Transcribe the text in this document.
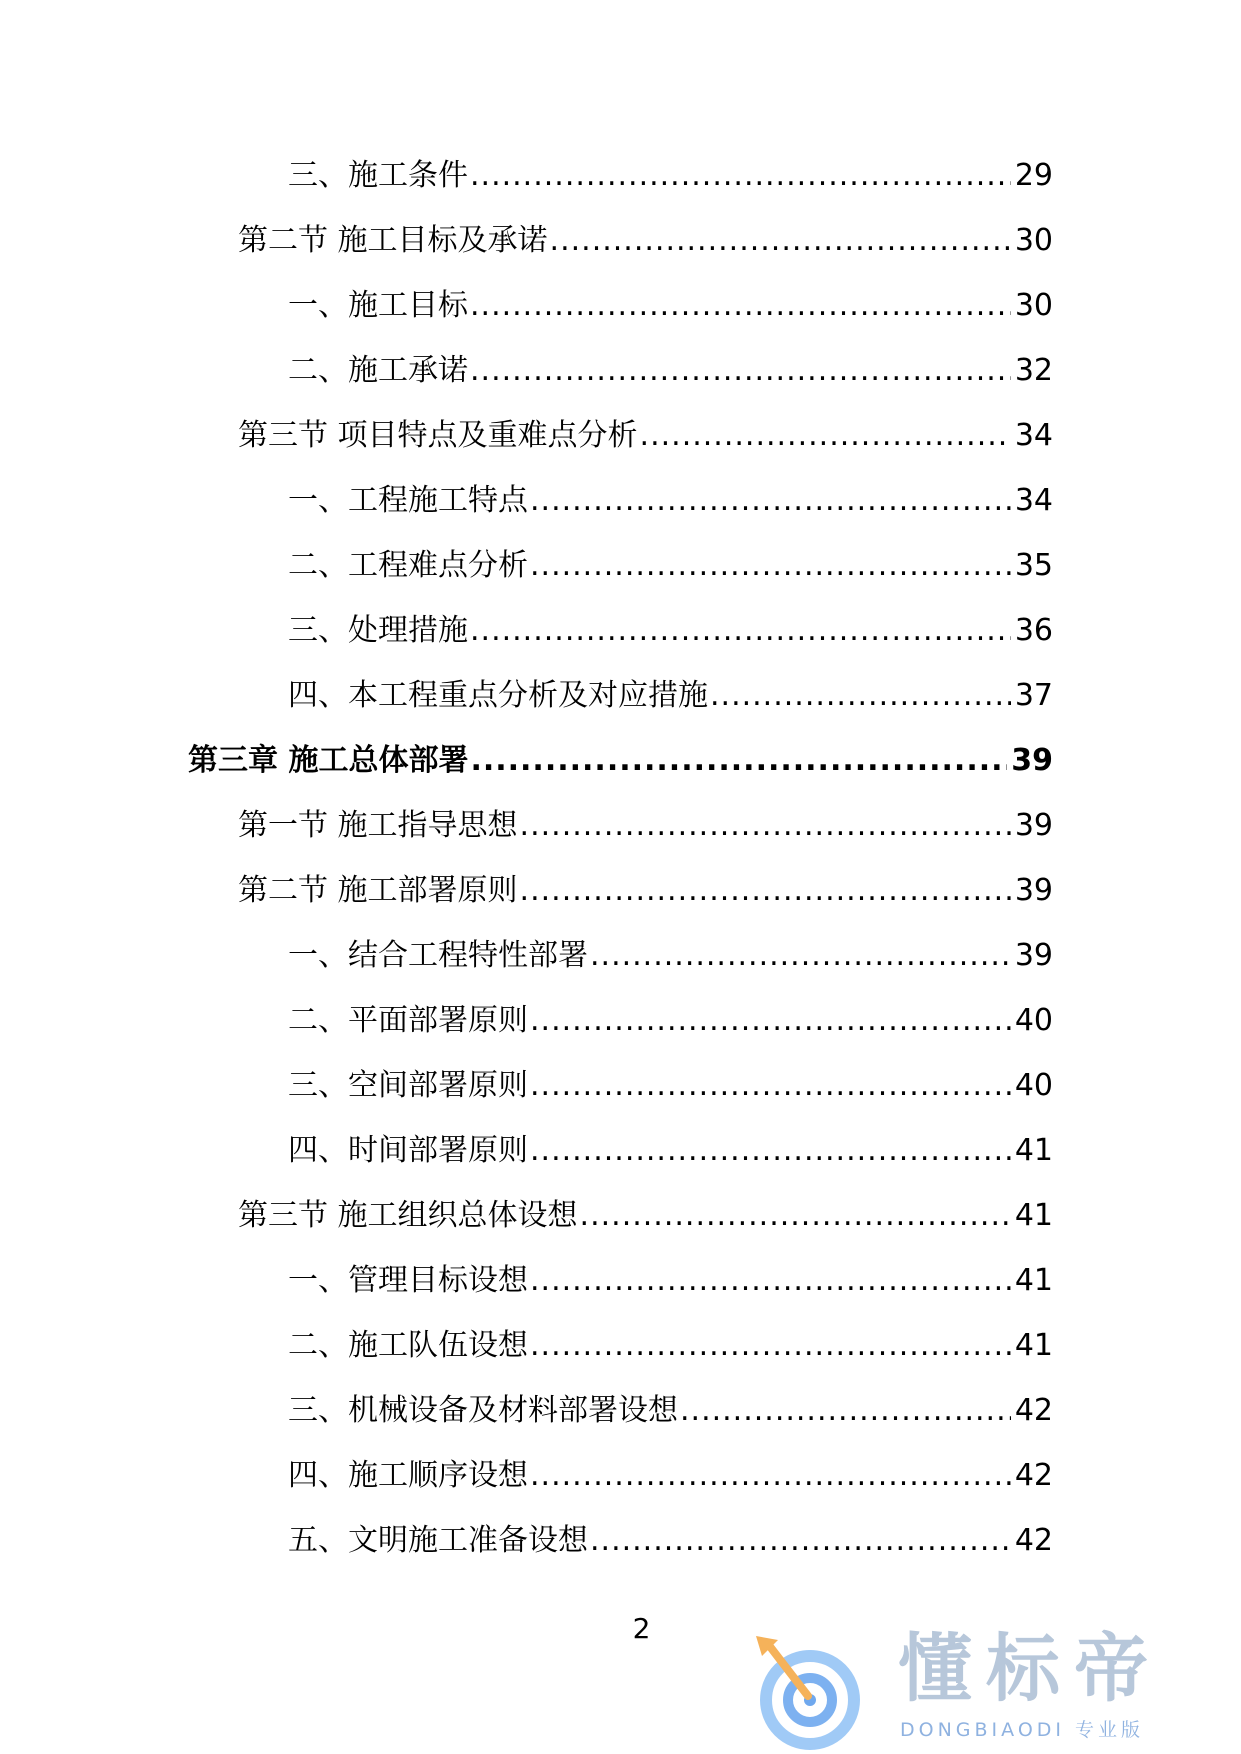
三、施工条件 .....	29
第二节 施工目标及承诺 .....	30
一、施工目标 .....	30
二、施工承诺 .....	32
第三节 项目特点及重难点分析 .....	34
一、工程施工特点 .....	34
二、工程难点分析 .....	35
三、处理措施 .....	36
四、本工程重点分析及对应措施 .....	37
第三章 施工总体部署 .....	39
第一节 施工指导思想 .....	39
第二节 施工部署原则 .....	39
一、结合工程特性部署 .....	39
二、平面部署原则 .....	40
三、空间部署原则 .....	40
四、时间部署原则 .....	41
第三节 施工组织总体设想 .....	41
一、管理目标设想 .....	41
二、施工队伍设想 .....	41
三、机械设备及材料部署设想 .....	42
四、施工顺序设想 .....	42
五、文明施工准备设想 .....	42
2	懂标帝
DONGBIAODI 专业版
